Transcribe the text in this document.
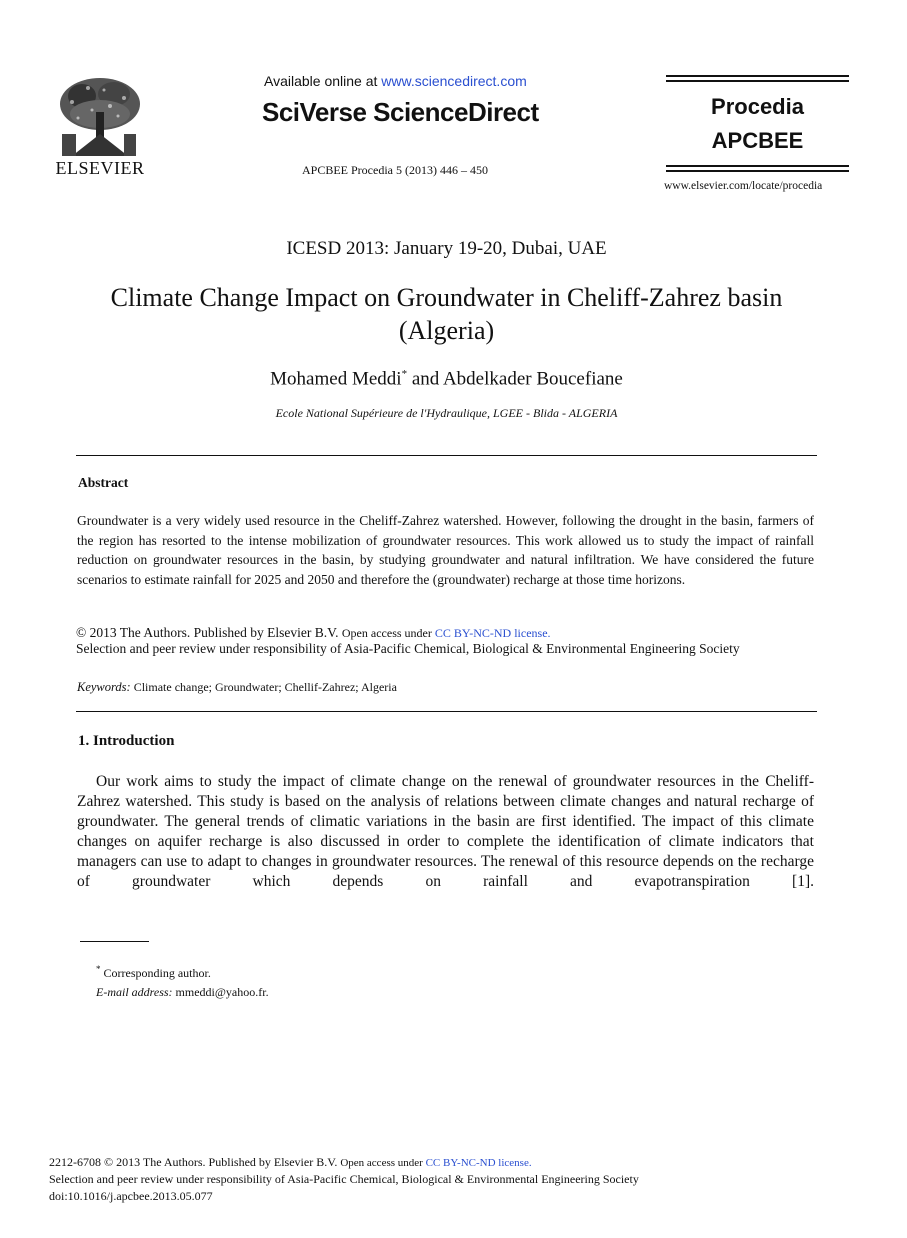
ELSEVIER
Available online at www.sciencedirect.com
SciVerse ScienceDirect
APCBEE Procedia 5 (2013) 446 – 450
Procedia
APCBEE
www.elsevier.com/locate/procedia
ICESD 2013: January 19-20, Dubai, UAE
Climate Change Impact on Groundwater in Cheliff-Zahrez basin
(Algeria)
Mohamed Meddi* and Abdelkader Boucefiane
Ecole National Supérieure de l'Hydraulique, LGEE - Blida - ALGERIA
Abstract

Groundwater is a very widely used resource in the Cheliff-Zahrez watershed. However, following the drought in the basin, farmers of the region has resorted to the intense mobilization of groundwater resources. This work allowed us to study the impact of rainfall reduction on groundwater resources in the basin, by studying groundwater and natural infiltration. We have considered the future scenarios to estimate rainfall for 2025 and 2050 and therefore the (groundwater) recharge at those time horizons.

© 2013 The Authors. Published by Elsevier B.V. Open access under CC BY-NC-ND license.
Selection and peer review under responsibility of Asia-Pacific Chemical, Biological & Environmental Engineering Society
Keywords: Climate change; Groundwater; Chellif-Zahrez; Algeria
1. Introduction

Our work aims to study the impact of climate change on the renewal of groundwater resources in the Cheliff-Zahrez watershed. This study is based on the analysis of relations between climate changes and natural recharge of groundwater. The general trends of climatic variations in the basin are first identified. The impact of this climate changes on aquifer recharge is also discussed in order to complete the identification of climate indicators that managers can use to adapt to changes in groundwater resources. The renewal of this resource depends on the recharge of groundwater which depends on rainfall and evapotranspiration [1].

* Corresponding author.
E-mail address: mmeddi@yahoo.fr.
2212-6708 © 2013 The Authors. Published by Elsevier B.V. Open access under CC BY-NC-ND license.
Selection and peer review under responsibility of Asia-Pacific Chemical, Biological & Environmental Engineering Society
doi:10.1016/j.apcbee.2013.05.077
